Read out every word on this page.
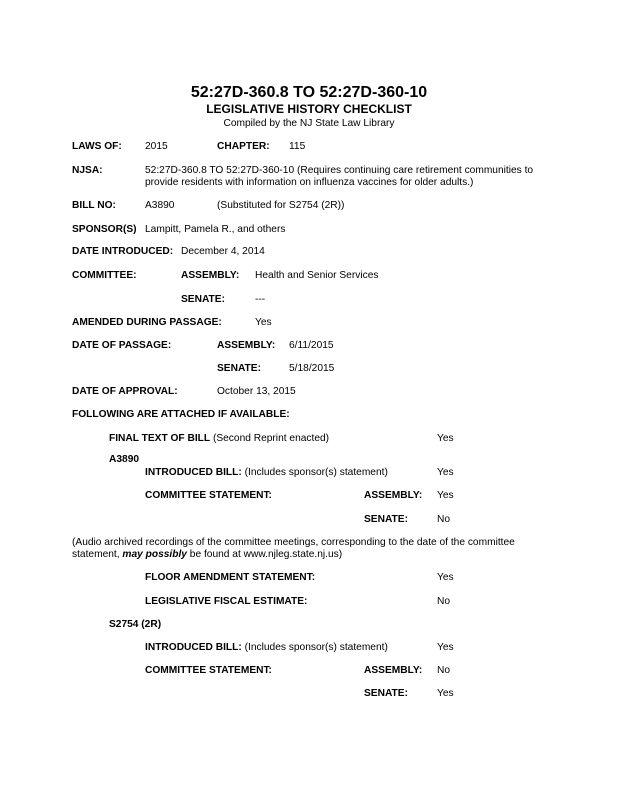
52:27D-360.8 TO 52:27D-360-10
LEGISLATIVE HISTORY CHECKLIST
Compiled by the NJ State Law Library
LAWS OF: 2015	CHAPTER: 115
NJSA:	52:27D-360.8 TO 52:27D-360-10 (Requires continuing care retirement communities to
provide residents with information on influenza vaccines for older adults.)
BILL NO:	A3890	(Substituted for S2754 (2R))
SPONSOR(S) Lampitt, Pamela R., and others
DATE INTRODUCED: December 4, 2014
COMMITTEE:	ASSEMBLY: Health and Senior Services
SENATE:	---
AMENDED DURING PASSAGE:	Yes
DATE OF PASSAGE:	ASSEMBLY: 6/11/2015
SENATE:	5/18/2015
DATE OF APPROVAL:	October 13, 2015
FOLLOWING ARE ATTACHED IF AVAILABLE:
FINAL TEXT OF BILL (Second Reprint enacted)	Yes
A3890
INTRODUCED BILL: (Includes sponsor(s) statement)	Yes
COMMITTEE STATEMENT:	ASSEMBLY: Yes
SENATE:	No
(Audio archived recordings of the committee meetings, corresponding to the date of the committee
statement, may possibly be found at www.njleg.state.nj.us)
FLOOR AMENDMENT STATEMENT:	Yes
LEGISLATIVE FISCAL ESTIMATE:	No
S2754 (2R)
INTRODUCED BILL: (Includes sponsor(s) statement)	Yes
COMMITTEE STATEMENT:	ASSEMBLY: No
SENATE:	Yes
